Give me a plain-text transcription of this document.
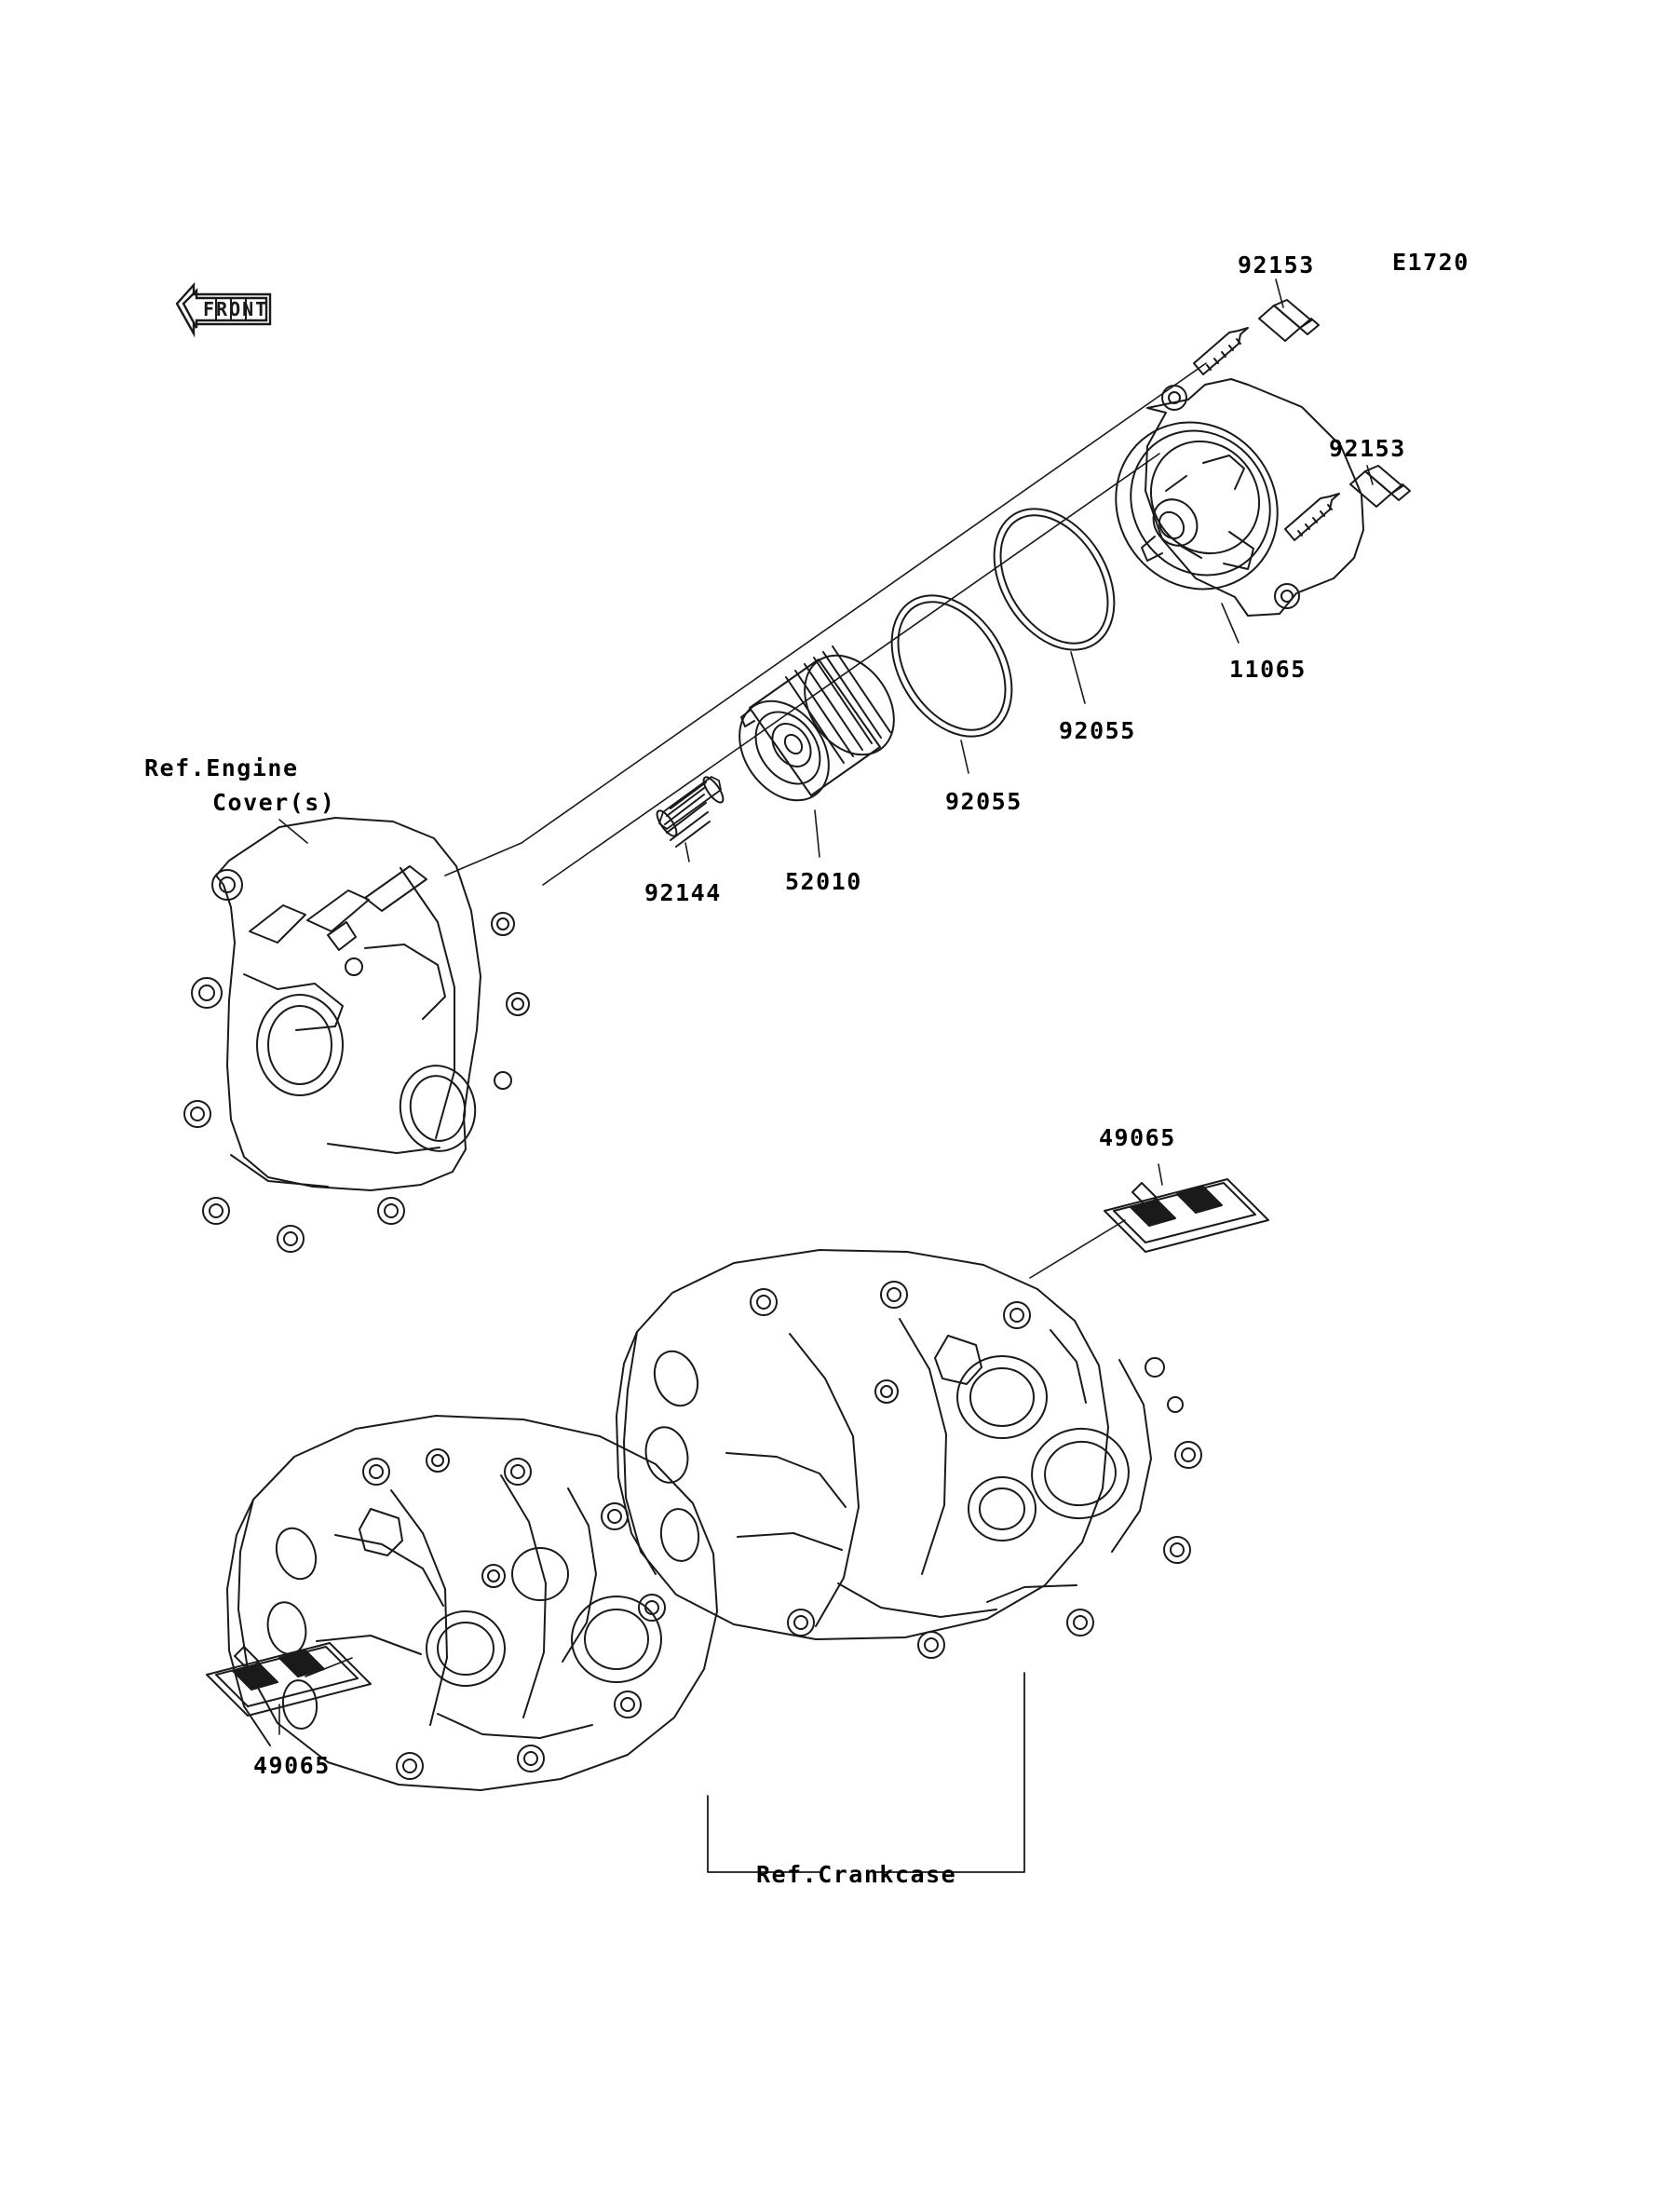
E1720
FRONT
92153
92153
11065
92055
92055
52010
92144
49065
49065
Ref.Engine
Cover(s)
Ref.Crankcase
